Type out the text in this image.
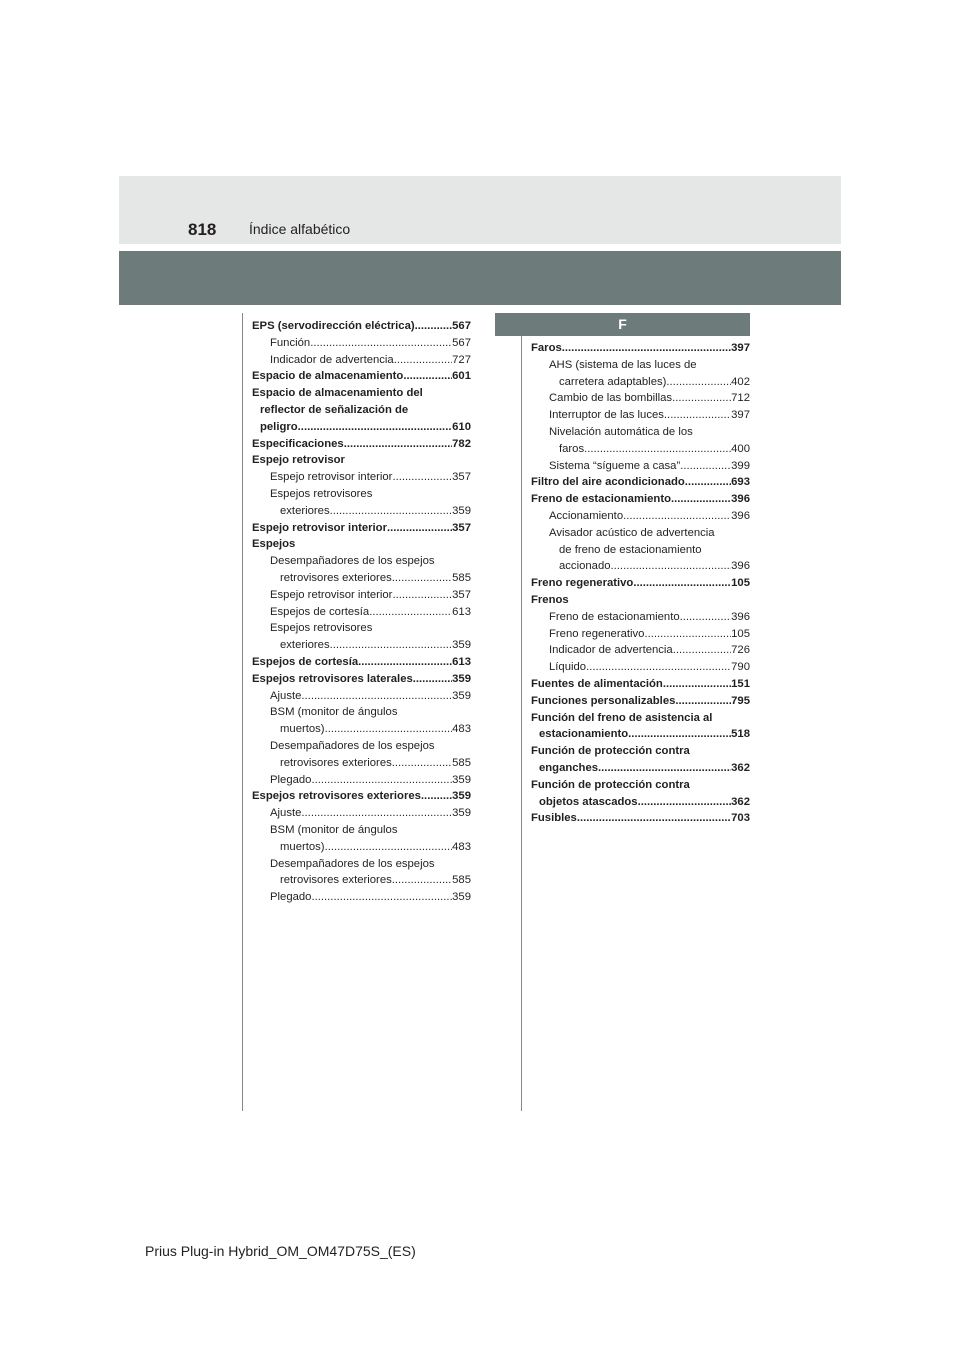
818 Índice alfabético
F
EPS (servodirección eléctrica) .....	567
Función .....	567
Indicador de advertencia .....	727
Espacio de almacenamiento .....	601
Espacio de almacenamiento del
reflector de señalización de
peligro .....	610
Especificaciones .....	782
Espejo retrovisor
Espejo retrovisor interior .....	357
Espejos retrovisores
exteriores .....	359
Espejo retrovisor interior .....	357
Espejos
Desempañadores de los espejos
retrovisores exteriores .....	585
Espejo retrovisor interior .....	357
Espejos de cortesía .....	613
Espejos retrovisores
exteriores .....	359
Espejos de cortesía .....	613
Espejos retrovisores laterales .....	359
Ajuste .....	359
BSM (monitor de ángulos
muertos) .....	483
Desempañadores de los espejos
retrovisores exteriores .....	585
Plegado .....	359
Espejos retrovisores exteriores .....	359
Ajuste .....	359
BSM (monitor de ángulos
muertos) .....	483
Desempañadores de los espejos
retrovisores exteriores .....	585
Plegado .....	359
Faros .....	397
AHS (sistema de las luces de
carretera adaptables) .....	402
Cambio de las bombillas .....	712
Interruptor de las luces .....	397
Nivelación automática de los
faros .....	400
Sistema “sígueme a casa” .....	399
Filtro del aire acondicionado .....	693
Freno de estacionamiento .....	396
Accionamiento .....	396
Avisador acústico de advertencia
de freno de estacionamiento
accionado .....	396
Freno regenerativo .....	105
Frenos
Freno de estacionamiento .....	396
Freno regenerativo .....	105
Indicador de advertencia .....	726
Líquido .....	790
Fuentes de alimentación .....	151
Funciones personalizables .....	795
Función del freno de asistencia al
estacionamiento .....	518
Función de protección contra
enganches .....	362
Función de protección contra
objetos atascados .....	362
Fusibles .....	703
Prius Plug-in Hybrid_OM_OM47D75S_(ES)
